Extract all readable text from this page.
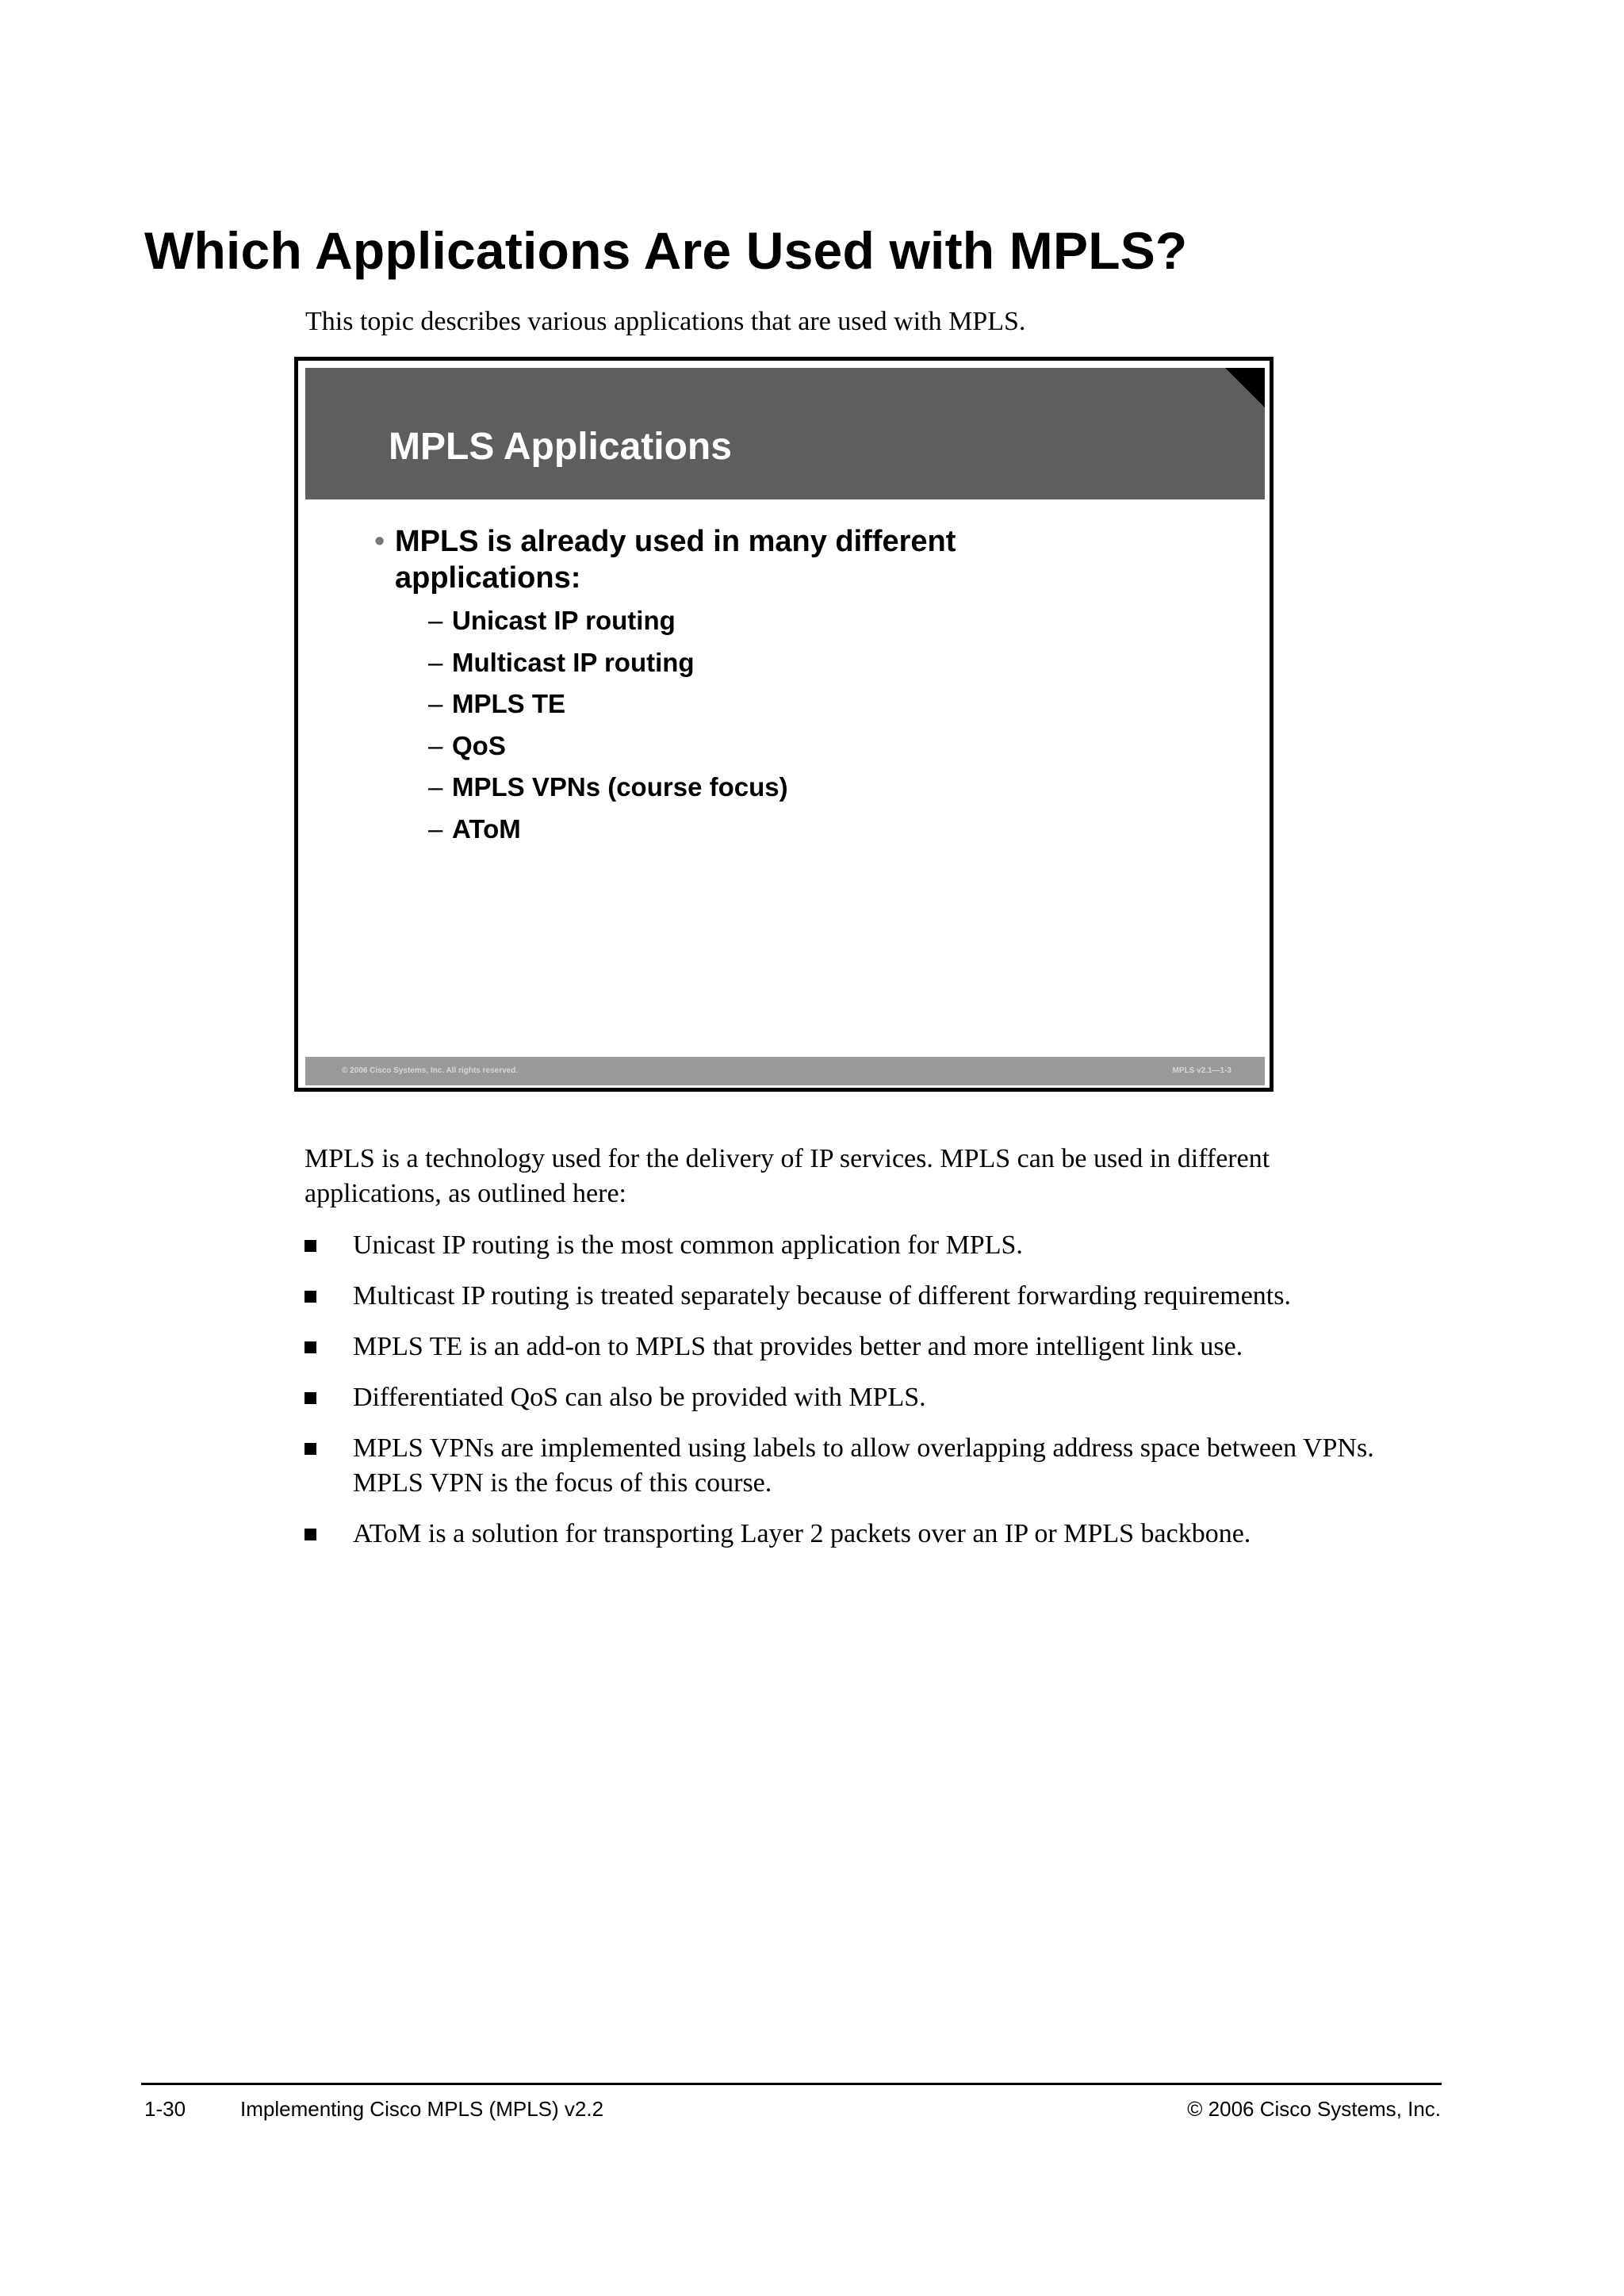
Which Applications Are Used with MPLS?

This topic describes various applications that are used with MPLS.

MPLS Applications
• MPLS is already used in many different applications:
– Unicast IP routing
– Multicast IP routing
– MPLS TE
– QoS
– MPLS VPNs (course focus)
– AToM
© 2006 Cisco Systems, Inc. All rights reserved.	MPLS v2.1—1-3

MPLS is a technology used for the delivery of IP services. MPLS can be used in different applications, as outlined here:

Unicast IP routing is the most common application for MPLS.
Multicast IP routing is treated separately because of different forwarding requirements.
MPLS TE is an add-on to MPLS that provides better and more intelligent link use.
Differentiated QoS can also be provided with MPLS.
MPLS VPNs are implemented using labels to allow overlapping address space between VPNs. MPLS VPN is the focus of this course.
AToM is a solution for transporting Layer 2 packets over an IP or MPLS backbone.
1-30	Implementing Cisco MPLS (MPLS) v2.2	© 2006 Cisco Systems, Inc.
